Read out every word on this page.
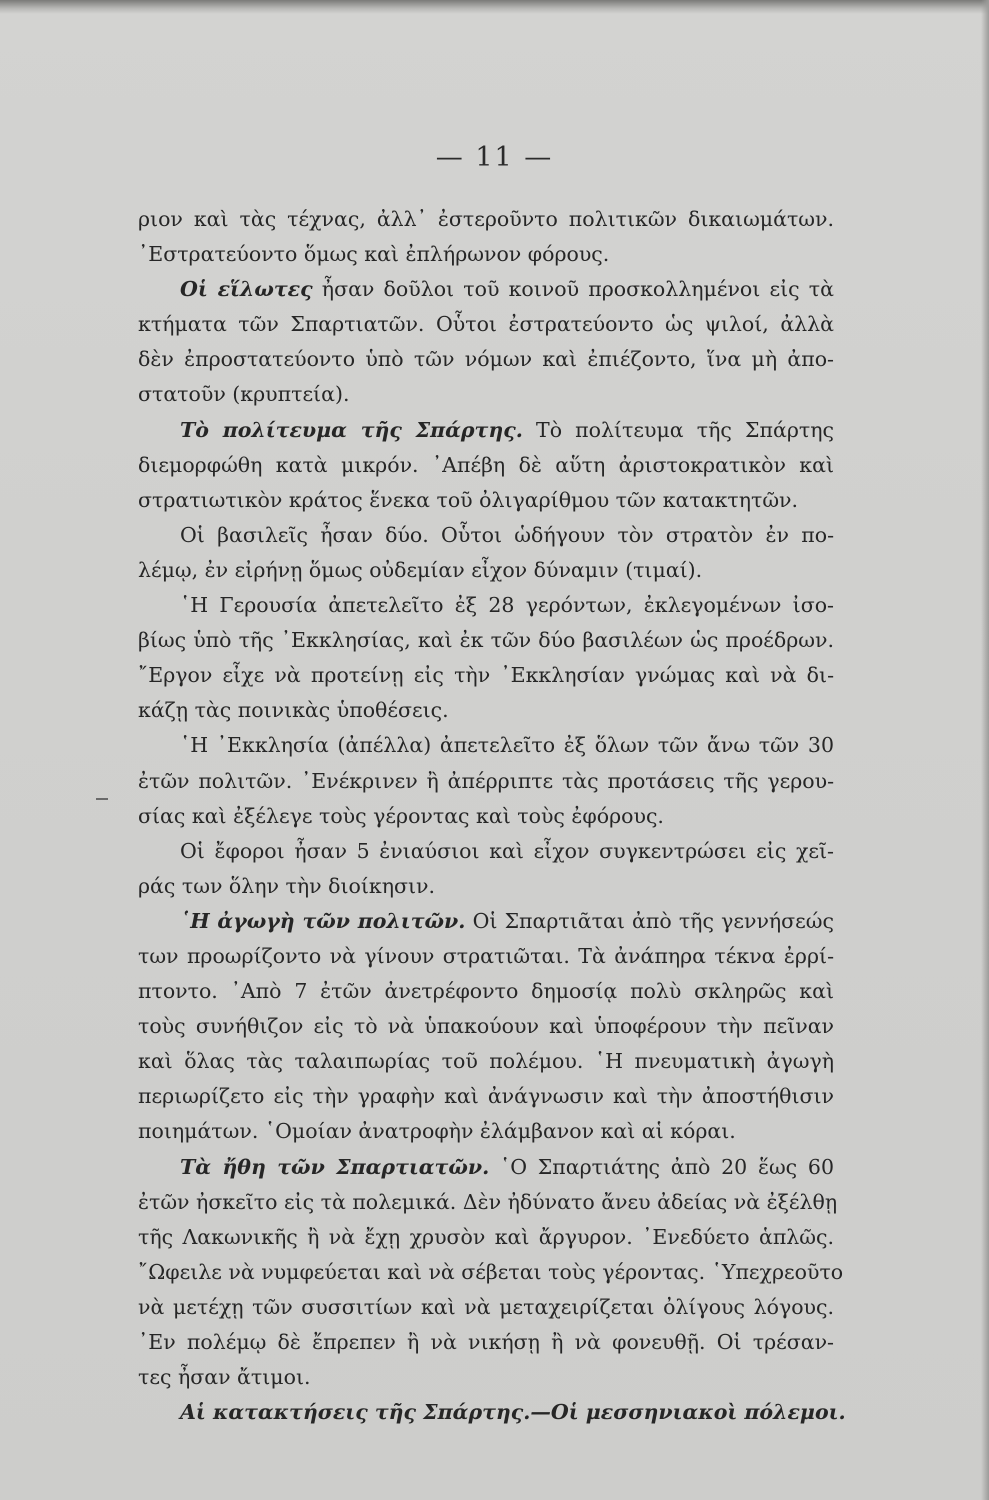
— 11 —
ριον καὶ τὰς τέχνας, ἀλλ᾽ ἐστεροῦντο πολιτικῶν δικαιωμάτων.
᾽Εστρατεύοντο ὅμως καὶ ἐπλήρωνον φόρους.
Οἱ εἵλωτες ἦσαν δοῦλοι τοῦ κοινοῦ προσκολλημένοι εἰς τὰ
κτήματα τῶν Σπαρτιατῶν. Οὗτοι ἐστρατεύοντο ὡς ψιλοί, ἀλλὰ
δὲν ἐπροστατεύοντο ὑπὸ τῶν νόμων καὶ ἐπιέζοντο, ἵνα μὴ ἀπο-
στατοῦν (κρυπτεία).
Τὸ πολίτευμα τῆς Σπάρτης. Τὸ πολίτευμα τῆς Σπάρτης
διεμορφώθη κατὰ μικρόν. ᾽Απέβη δὲ αὕτη ἀριστοκρατικὸν καὶ
στρατιωτικὸν κράτος ἕνεκα τοῦ ὀλιγαρίθμου τῶν κατακτητῶν.
Οἱ βασιλεῖς ἦσαν δύο. Οὗτοι ὡδήγουν τὸν στρατὸν ἐν πο-
λέμῳ, ἐν εἰρήνῃ ὅμως οὐδεμίαν εἶχον δύναμιν (τιμαί).
῾Η Γερουσία ἀπετελεῖτο ἐξ 28 γερόντων, ἐκλεγομένων ἰσο-
βίως ὑπὸ τῆς ᾽Εκκλησίας, καὶ ἐκ τῶν δύο βασιλέων ὡς προέδρων.
῎Εργον εἶχε νὰ προτείνῃ εἰς τὴν ᾽Εκκλησίαν γνώμας καὶ νὰ δι-
κάζῃ τὰς ποινικὰς ὑποθέσεις.
῾Η ᾽Εκκλησία (ἀπέλλα) ἀπετελεῖτο ἐξ ὅλων τῶν ἄνω τῶν 30
ἐτῶν πολιτῶν. ᾽Ενέκρινεν ἢ ἀπέρριπτε τὰς προτάσεις τῆς γερου-
σίας καὶ ἐξέλεγε τοὺς γέροντας καὶ τοὺς ἐφόρους.
Οἱ ἔφοροι ἦσαν 5 ἐνιαύσιοι καὶ εἶχον συγκεντρώσει εἰς χεῖ-
ράς των ὅλην τὴν διοίκησιν.
῾Η ἀγωγὴ τῶν πολιτῶν. Οἱ Σπαρτιᾶται ἀπὸ τῆς γεννήσεώς
των προωρίζοντο νὰ γίνουν στρατιῶται. Τὰ ἀνάπηρα τέκνα ἐρρί-
πτοντο. ᾽Απὸ 7 ἐτῶν ἀνετρέφοντο δημοσίᾳ πολὺ σκληρῶς καὶ
τοὺς συνήθιζον εἰς τὸ νὰ ὑπακούουν καὶ ὑποφέρουν τὴν πεῖναν
καὶ ὅλας τὰς ταλαιπωρίας τοῦ πολέμου. ῾Η πνευματικὴ ἀγωγὴ
περιωρίζετο εἰς τὴν γραφὴν καὶ ἀνάγνωσιν καὶ τὴν ἀποστήθισιν
ποιημάτων. ῾Ομοίαν ἀνατροφὴν ἐλάμβανον καὶ αἱ κόραι.
Τὰ ἤθη τῶν Σπαρτιατῶν. ῾Ο Σπαρτιάτης ἀπὸ 20 ἕως 60
ἐτῶν ἠσκεῖτο εἰς τὰ πολεμικά. Δὲν ἠδύνατο ἄνευ ἀδείας νὰ ἐξέλθῃ
τῆς Λακωνικῆς ἢ νὰ ἔχῃ χρυσὸν καὶ ἄργυρον. ᾽Ενεδύετο ἁπλῶς.
῎Ωφειλε νὰ νυμφεύεται καὶ νὰ σέβεται τοὺς γέροντας. ῾Υπεχρεοῦτο
νὰ μετέχῃ τῶν συσσιτίων καὶ νὰ μεταχειρίζεται ὀλίγους λόγους.
᾽Εν πολέμῳ δὲ ἔπρεπεν ἢ νὰ νικήσῃ ἢ νὰ φονευθῇ. Οἱ τρέσαν-
τες ἦσαν ἄτιμοι.
Αἱ κατακτήσεις τῆς Σπάρτης.—Οἱ μεσσηνιακοὶ πόλεμοι.
